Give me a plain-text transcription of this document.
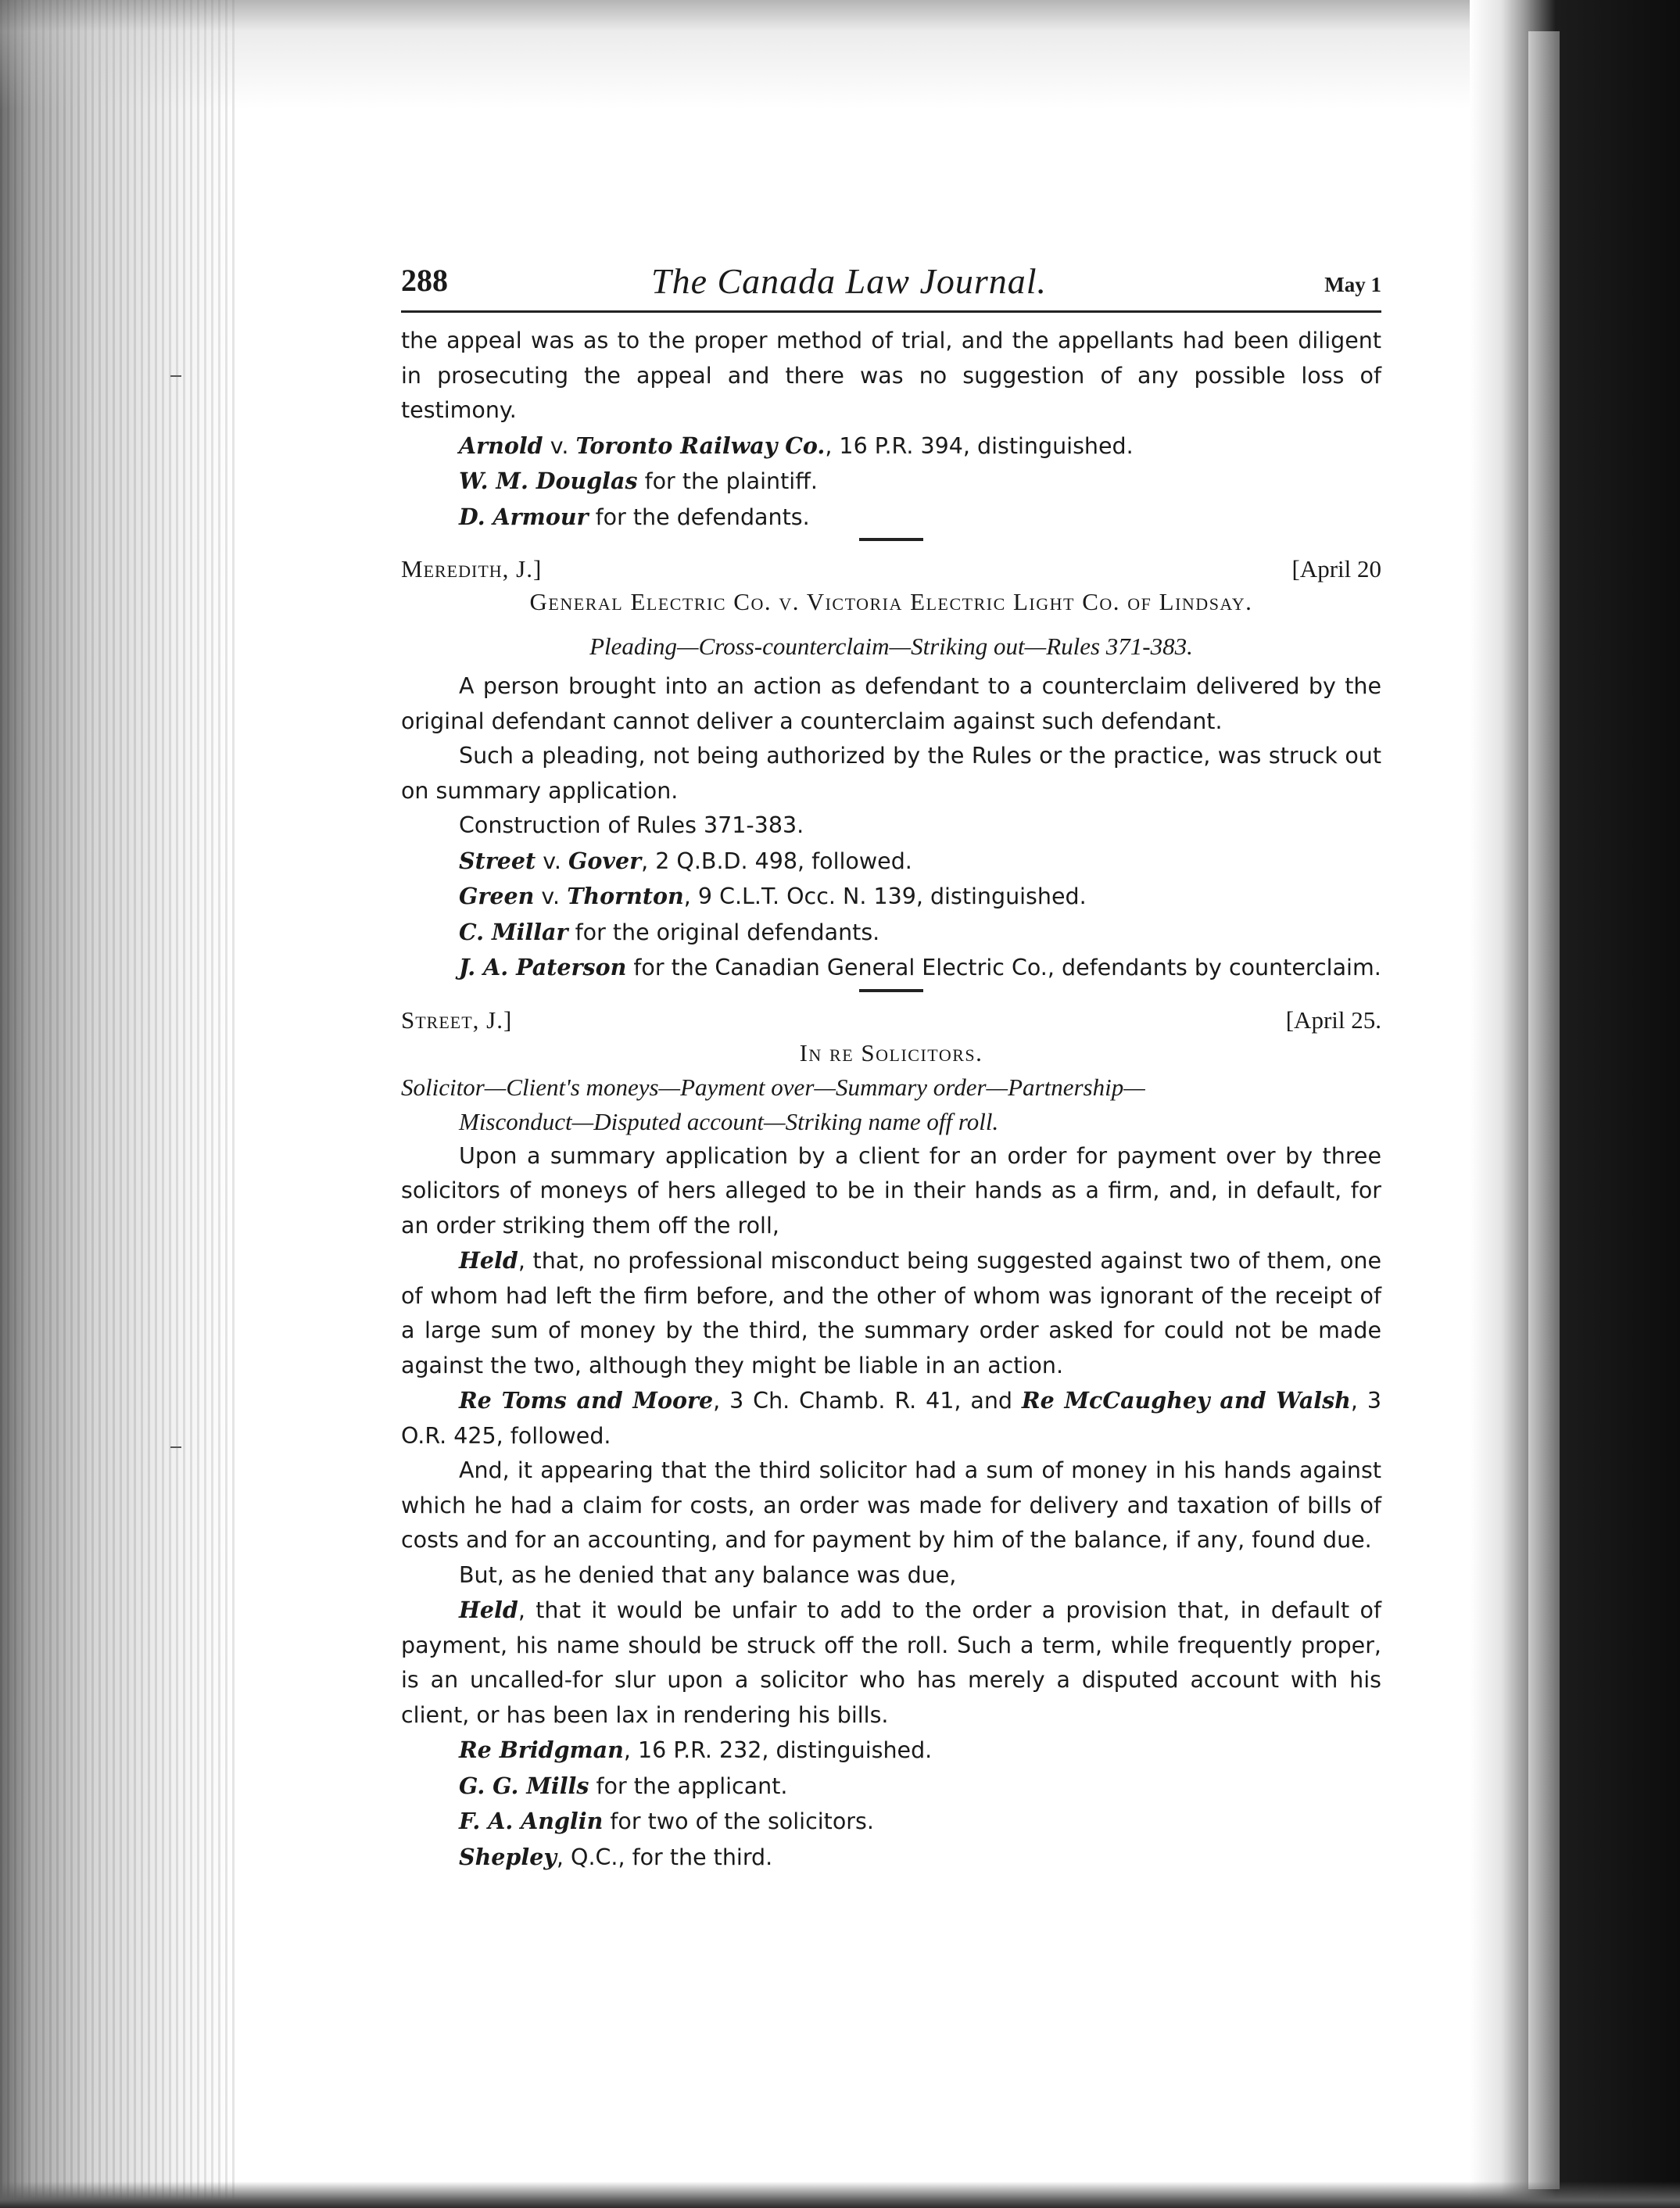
288	The Canada Law Journal.	May 1

the appeal was as to the proper method of trial, and the appellants had been diligent in prosecuting the appeal and there was no suggestion of any possible loss of testimony.

Arnold v. Toronto Railway Co., 16 P.R. 394, distinguished.

W. M. Douglas for the plaintiff.

D. Armour for the defendants.

Meredith, J.]	[April 20
General Electric Co. v. Victoria Electric Light Co. of Lindsay.
Pleading—Cross-counterclaim—Striking out—Rules 371-383.

A person brought into an action as defendant to a counterclaim delivered by the original defendant cannot deliver a counterclaim against such defendant.

Such a pleading, not being authorized by the Rules or the practice, was struck out on summary application.

Construction of Rules 371-383.

Street v. Gover, 2 Q.B.D. 498, followed.

Green v. Thornton, 9 C.L.T. Occ. N. 139, distinguished.

C. Millar for the original defendants.

J. A. Paterson for the Canadian General Electric Co., defendants by counterclaim.

Street, J.]	[April 25.
In re Solicitors.
Solicitor—Client's moneys—Payment over—Summary order—Partnership—
Misconduct—Disputed account—Striking name off roll.

Upon a summary application by a client for an order for payment over by three solicitors of moneys of hers alleged to be in their hands as a firm, and, in default, for an order striking them off the roll,

Held, that, no professional misconduct being suggested against two of them, one of whom had left the firm before, and the other of whom was ignorant of the receipt of a large sum of money by the third, the summary order asked for could not be made against the two, although they might be liable in an action.

Re Toms and Moore, 3 Ch. Chamb. R. 41, and Re McCaughey and Walsh, 3 O.R. 425, followed.

And, it appearing that the third solicitor had a sum of money in his hands against which he had a claim for costs, an order was made for delivery and taxation of bills of costs and for an accounting, and for payment by him of the balance, if any, found due.

But, as he denied that any balance was due,

Held, that it would be unfair to add to the order a provision that, in default of payment, his name should be struck off the roll. Such a term, while frequently proper, is an uncalled-for slur upon a solicitor who has merely a disputed account with his client, or has been lax in rendering his bills.

Re Bridgman, 16 P.R. 232, distinguished.

G. G. Mills for the applicant.

F. A. Anglin for two of the solicitors.

Shepley, Q.C., for the third.
